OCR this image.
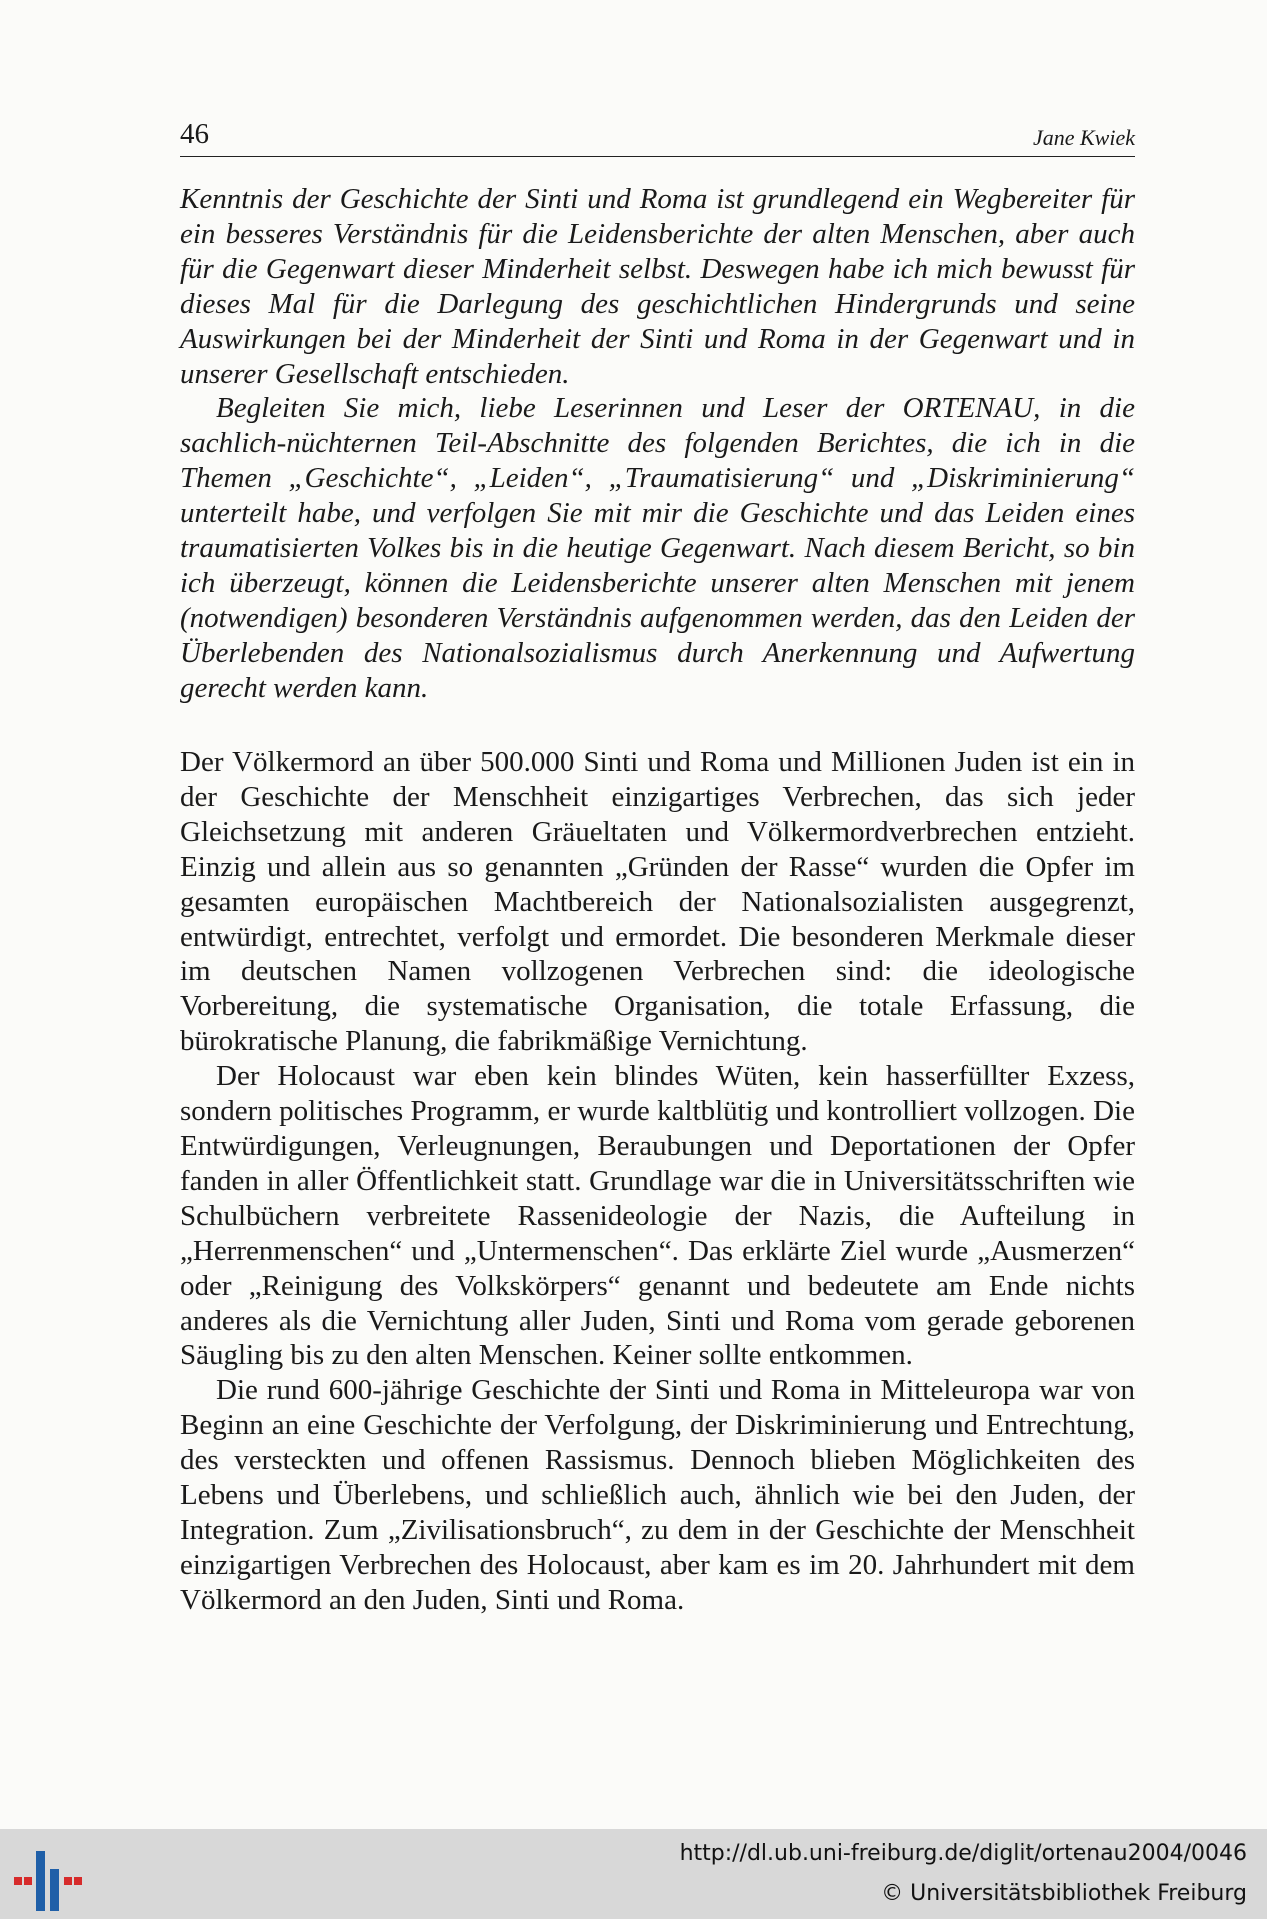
46	Jane Kwiek

Kenntnis der Geschichte der Sinti und Roma ist grundlegend ein Wegbereiter für ein besseres Verständnis für die Leidensberichte der alten Menschen, aber auch für die Gegenwart dieser Minderheit selbst. Deswegen habe ich mich bewusst für dieses Mal für die Darlegung des geschichtlichen Hindergrunds und seine Auswirkungen bei der Minderheit der Sinti und Roma in der Gegenwart und in unserer Gesellschaft entschieden.

Begleiten Sie mich, liebe Leserinnen und Leser der ORTENAU, in die sachlich-nüchternen Teil-Abschnitte des folgenden Berichtes, die ich in die Themen „Geschichte“, „Leiden“, „Traumatisierung“ und „Diskriminierung“ unterteilt habe, und verfolgen Sie mit mir die Geschichte und das Leiden eines traumatisierten Volkes bis in die heutige Gegenwart. Nach diesem Bericht, so bin ich überzeugt, können die Leidensberichte unserer alten Menschen mit jenem (notwendigen) besonderen Verständnis aufgenommen werden, das den Leiden der Überlebenden des Nationalsozialismus durch Anerkennung und Aufwertung gerecht werden kann.

Der Völkermord an über 500.000 Sinti und Roma und Millionen Juden ist ein in der Geschichte der Menschheit einzigartiges Verbrechen, das sich jeder Gleichsetzung mit anderen Gräueltaten und Völkermordverbrechen entzieht. Einzig und allein aus so genannten „Gründen der Rasse“ wurden die Opfer im gesamten europäischen Machtbereich der Nationalsozialisten ausgegrenzt, entwürdigt, entrechtet, verfolgt und ermordet. Die besonderen Merkmale dieser im deutschen Namen vollzogenen Verbrechen sind: die ideologische Vorbereitung, die systematische Organisation, die totale Erfassung, die bürokratische Planung, die fabrikmäßige Vernichtung.

Der Holocaust war eben kein blindes Wüten, kein hasserfüllter Exzess, sondern politisches Programm, er wurde kaltblütig und kontrolliert vollzogen. Die Entwürdigungen, Verleugnungen, Beraubungen und Deportationen der Opfer fanden in aller Öffentlichkeit statt. Grundlage war die in Universitätsschriften wie Schulbüchern verbreitete Rassenideologie der Nazis, die Aufteilung in „Herrenmenschen“ und „Untermenschen“. Das erklärte Ziel wurde „Ausmerzen“ oder „Reinigung des Volkskörpers“ genannt und bedeutete am Ende nichts anderes als die Vernichtung aller Juden, Sinti und Roma vom gerade geborenen Säugling bis zu den alten Menschen. Keiner sollte entkommen.

Die rund 600-jährige Geschichte der Sinti und Roma in Mitteleuropa war von Beginn an eine Geschichte der Verfolgung, der Diskriminierung und Entrechtung, des versteckten und offenen Rassismus. Dennoch blieben Möglichkeiten des Lebens und Überlebens, und schließlich auch, ähnlich wie bei den Juden, der Integration. Zum „Zivilisationsbruch“, zu dem in der Geschichte der Menschheit einzigartigen Verbrechen des Holocaust, aber kam es im 20. Jahrhundert mit dem Völkermord an den Juden, Sinti und Roma.

http://dl.ub.uni-freiburg.de/diglit/ortenau2004/0046
© Universitätsbibliothek Freiburg
